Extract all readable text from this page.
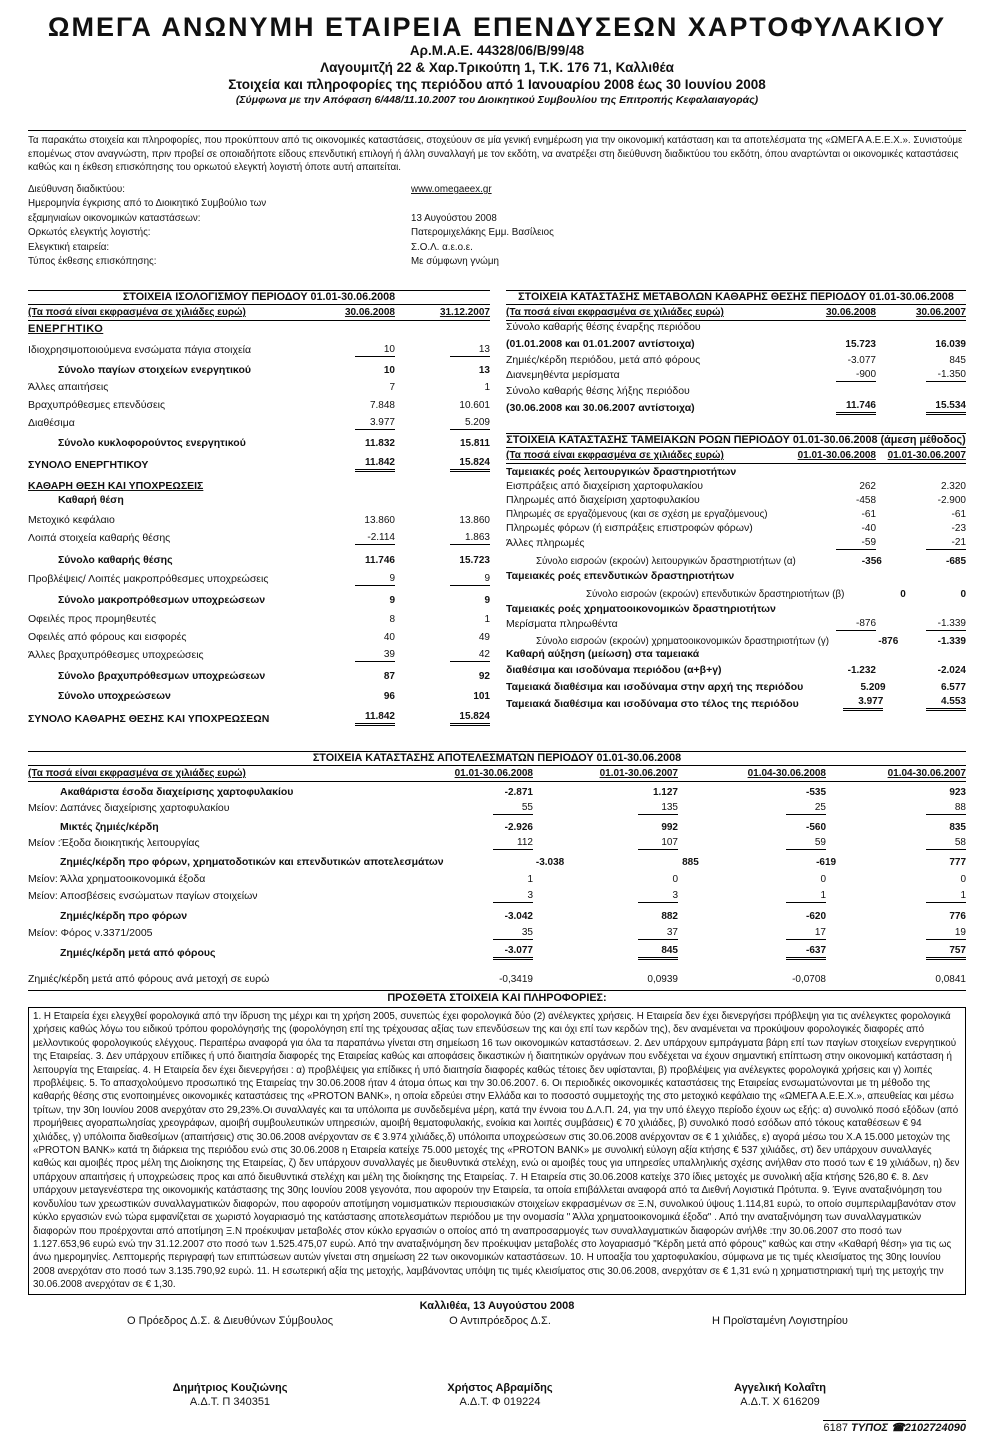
ΩΜΕΓΑ ΑΝΩΝΥΜΗ ΕΤΑΙΡΕΙΑ ΕΠΕΝΔΥΣΕΩΝ ΧΑΡΤΟΦΥΛΑΚΙΟΥ
Αρ.Μ.Α.Ε. 44328/06/B/99/48
Λαγουμιτζή 22 & Χαρ.Τρικούπη 1, Τ.Κ. 176 71, Καλλιθέα
Στοιχεία και πληροφορίες της περιόδου από 1 Ιανουαρίου 2008 έως 30 Ιουνίου 2008
(Σύμφωνα με την Απόφαση 6/448/11.10.2007 του Διοικητικού Συμβουλίου της Επιτροπής Κεφαλαιαγοράς)
Τα παρακάτω στοιχεία και πληροφορίες, που προκύπτουν από τις οικονομικές καταστάσεις, στοχεύουν σε μία γενική ενημέρωση για την οικονομική κατάσταση και τα αποτελέσματα της «ΩΜΕΓΑ Α.Ε.Ε.Χ.». Συνιστούμε επομένως στον αναγνώστη, πριν προβεί σε οποιαδήποτε είδους επενδυτική επιλογή ή άλλη συναλλαγή με τον εκδότη, να ανατρέξει στη διεύθυνση διαδικτύου του εκδότη, όπου αναρτώνται οι οικονομικές καταστάσεις καθώς και η έκθεση επισκόπησης του ορκωτού ελεγκτή λογιστή όποτε αυτή απαιτείται.
Διεύθυνση διαδικτύου:	www.omegaeex.gr
Ημερομηνία έγκρισης από το Διοικητικό Συμβούλιο των
εξαμηνιαίων οικονομικών καταστάσεων:	13 Αυγούστου 2008
Ορκωτός ελεγκτής λογιστής:	Πατερομιχελάκης Εμμ. Βασίλειος
Ελεγκτική εταιρεία:	Σ.Ο.Λ. α.ε.ο.ε.
Τύπος έκθεσης επισκόπησης:	Με σύμφωνη γνώμη
ΣΤΟΙΧΕΙΑ ΙΣΟΛΟΓΙΣΜΟΥ ΠΕΡΙΟΔΟΥ 01.01-30.06.2008
(Τα ποσά είναι εκφρασμένα σε χιλιάδες ευρώ)	30.06.2008	31.12.2007
ΕΝΕΡΓΗΤΙΚΟ
Ιδιοχρησιμοποιούμενα ενσώματα πάγια στοιχεία	10	13
Σύνολο παγίων στοιχείων ενεργητικού	10	13
Άλλες απαιτήσεις	7	1
Βραχυπρόθεσμες επενδύσεις	7.848	10.601
Διαθέσιμα	3.977	5.209
Σύνολο κυκλοφορούντος ενεργητικού	11.832	15.811
ΣΥΝΟΛΟ ΕΝΕΡΓΗΤΙΚΟΥ	11.842	15.824
ΚΑΘΑΡΗ ΘΕΣΗ ΚΑΙ ΥΠΟΧΡΕΩΣΕΙΣ
Καθαρή θέση
Μετοχικό κεφάλαιο	13.860	13.860
Λοιπά στοιχεία καθαρής θέσης	-2.114	1.863
Σύνολο καθαρής θέσης	11.746	15.723
Προβλέψεις/ Λοιπές μακροπρόθεσμες υποχρεώσεις	9	9
Σύνολο μακροπρόθεσμων υποχρεώσεων	9	9
Οφειλές προς προμηθευτές	8	1
Οφειλές από φόρους και εισφορές	40	49
Άλλες βραχυπρόθεσμες υποχρεώσεις	39	42
Σύνολο βραχυπρόθεσμων υποχρεώσεων	87	92
Σύνολο υποχρεώσεων	96	101
ΣΥΝΟΛΟ ΚΑΘΑΡΗΣ ΘΕΣΗΣ ΚΑΙ ΥΠΟΧΡΕΩΣΕΩΝ	11.842	15.824
ΣΤΟΙΧΕΙΑ ΚΑΤΑΣΤΑΣΗΣ ΜΕΤΑΒΟΛΩΝ ΚΑΘΑΡΗΣ ΘΕΣΗΣ ΠΕΡΙΟΔΟΥ 01.01-30.06.2008
(Τα ποσά είναι εκφρασμένα σε χιλιάδες ευρώ)	30.06.2008	30.06.2007
Σύνολο καθαρής θέσης έναρξης περιόδου
(01.01.2008 και 01.01.2007 αντίστοιχα)	15.723	16.039
Ζημιές/κέρδη περιόδου, μετά από φόρους	-3.077	845
Διανεμηθέντα μερίσματα	-900	-1.350
Σύνολο καθαρής θέσης λήξης περιόδου
(30.06.2008 και 30.06.2007 αντίστοιχα)	11.746	15.534
ΣΤΟΙΧΕΙΑ ΚΑΤΑΣΤΑΣΗΣ ΤΑΜΕΙΑΚΩΝ ΡΟΩΝ ΠΕΡΙΟΔΟΥ 01.01-30.06.2008 (άμεση μέθοδος)
(Τα ποσά είναι εκφρασμένα σε χιλιάδες ευρώ)	01.01-30.06.2008	01.01-30.06.2007
Ταμειακές ροές λειτουργικών δραστηριοτήτων
Εισπράξεις από διαχείριση χαρτοφυλακίου	262	2.320
Πληρωμές από διαχείριση χαρτοφυλακίου	-458	-2.900
Πληρωμές σε εργαζόμενους (και σε σχέση με εργαζόμενους)	-61	-61
Πληρωμές φόρων (ή εισπράξεις επιστροφών φόρων)	-40	-23
Άλλες πληρωμές	-59	-21
Σύνολο εισροών (εκροών) λειτουργικών δραστηριοτήτων (α)	-356	-685
Ταμειακές ροές επενδυτικών δραστηριοτήτων
Σύνολο εισροών (εκροών) επενδυτικών δραστηριοτήτων (β)	0	0
Ταμειακές ροές χρηματοοικονομικών δραστηριοτήτων
Μερίσματα πληρωθέντα	-876	-1.339
Σύνολο εισροών (εκροών) χρηματοοικονομικών δραστηριοτήτων (γ)	-876	-1.339
Καθαρή αύξηση (μείωση) στα ταμειακά
διαθέσιμα και ισοδύναμα περιόδου (α+β+γ)	-1.232	-2.024
Ταμειακά διαθέσιμα και ισοδύναμα στην αρχή της περιόδου	5.209	6.577
Ταμειακά διαθέσιμα και ισοδύναμα στο τέλος της περιόδου	3.977	4.553
ΣΤΟΙΧΕΙΑ ΚΑΤΑΣΤΑΣΗΣ ΑΠΟΤΕΛΕΣΜΑΤΩΝ ΠΕΡΙΟΔΟΥ 01.01-30.06.2008
(Τα ποσά είναι εκφρασμένα σε χιλιάδες ευρώ)	01.01-30.06.2008	01.01-30.06.2007	01.04-30.06.2008	01.04-30.06.2007
Ακαθάριστα έσοδα διαχείρισης χαρτοφυλακίου	-2.871	1.127	-535	923
Μείον: Δαπάνες διαχείρισης χαρτοφυλακίου	55	135	25	88
Μικτές ζημιές/κέρδη	-2.926	992	-560	835
Μείον :Έξοδα διοικητικής λειτουργίας	112	107	59	58
Ζημιές/κέρδη προ φόρων, χρηματοδοτικών και επενδυτικών αποτελεσμάτων	-3.038	885	-619	777
Μείον: Άλλα χρηματοοικονομικά έξοδα	1	0	0	0
Μείον: Αποσβέσεις ενσώματων παγίων στοιχείων	3	3	1	1
Ζημιές/κέρδη προ φόρων	-3.042	882	-620	776
Μείον: Φόρος ν.3371/2005	35	37	17	19
Ζημιές/κέρδη μετά από φόρους	-3.077	845	-637	757
Ζημιές/κέρδη μετά από φόρους ανά μετοχή σε ευρώ	-0,3419	0,0939	-0,0708	0,0841
ΠΡΟΣΘΕΤΑ ΣΤΟΙΧΕΙΑ ΚΑΙ ΠΛΗΡΟΦΟΡΙΕΣ:
1. Η Εταιρεία έχει ελεγχθεί φορολογικά από την ίδρυση της μέχρι και τη χρήση 2005, συνεπώς έχει φορολογικά δύο (2) ανέλεγκτες χρήσεις. Η Εταιρεία δεν έχει διενεργήσει πρόβλεψη για τις ανέλεγκτες φορολογικά χρήσεις καθώς λόγω του ειδικού τρόπου φορολόγησής της (φορολόγηση επί της τρέχουσας αξίας των επενδύσεων της και όχι επί των κερδών της), δεν αναμένεται να προκύψουν φορολογικές διαφορές από μελλοντικούς φορολογικούς ελέγχους. Περαιτέρω αναφορά για όλα τα παραπάνω γίνεται στη σημείωση 16 των οικονομικών καταστάσεων. 2. Δεν υπάρχουν εμπράγματα βάρη επί των παγίων στοιχείων ενεργητικού της Εταιρείας. 3. Δεν υπάρχουν επίδικες ή υπό διαιτησία διαφορές της Εταιρείας καθώς και αποφάσεις δικαστικών ή διαιτητικών οργάνων που ενδέχεται να έχουν σημαντική επίπτωση στην οικονομική κατάσταση ή λειτουργία της Εταιρείας. 4. Η Εταιρεία δεν έχει διενεργήσει : α) προβλέψεις για επίδικες ή υπό διαιτησία διαφορές καθώς τέτοιες δεν υφίστανται, β) προβλέψεις για ανέλεγκτες φορολογικά χρήσεις και γ) λοιπές προβλέψεις. 5. Το απασχολούμενο προσωπικό της Εταιρείας την 30.06.2008 ήταν 4 άτομα όπως και την 30.06.2007. 6. Οι περιοδικές οικονομικές καταστάσεις της Εταιρείας ενσωματώνονται με τη μέθοδο της καθαρής θέσης στις ενοποιημένες οικονομικές καταστάσεις της «PROTON BANK», η οποία εδρεύει στην Ελλάδα και το ποσοστό συμμετοχής της στο μετοχικό κεφάλαιο της «ΩΜΕΓΑ Α.Ε.Ε.Χ.», απευθείας και μέσω τρίτων, την 30η Ιουνίου 2008 ανερχόταν στο 29,23%.Οι συναλλαγές και τα υπόλοιπα με συνδεδεμένα μέρη, κατά την έννοια του Δ.Λ.Π. 24, για την υπό έλεγχο περίοδο έχουν ως εξής: α) συνολικό ποσό εξόδων (από προμήθειες αγοραπωλησίας χρεογράφων, αμοιβή συμβουλευτικών υπηρεσιών, αμοιβή θεματοφυλακής, ενοίκια και λοιπές συμβάσεις) € 70 χιλιάδες, β) συνολικό ποσό εσόδων από τόκους καταθέσεων € 94 χιλιάδες, γ) υπόλοιπα διαθεσίμων (απαιτήσεις) στις 30.06.2008 ανέρχονταν σε € 3.974 χιλιάδες,δ) υπόλοιπα υποχρεώσεων στις 30.06.2008 ανέρχονταν σε € 1 χιλιάδες, ε) αγορά μέσω του Χ.Α 15.000 μετοχών της «PROTON BANK» κατά τη διάρκεια της περιόδου ενώ στις 30.06.2008 η Εταιρεία κατείχε 75.000 μετοχές της «PROTON BANK» με συνολική εύλογη αξία κτήσης € 537 χιλιάδες, στ) δεν υπάρχουν συναλλαγές καθώς και αμοιβές προς μέλη της Διοίκησης της Εταιρείας, ζ) δεν υπάρχουν συναλλαγές με διευθυντικά στελέχη, ενώ οι αμοιβές τους για υπηρεσίες υπαλληλικής σχέσης ανήλθαν στο ποσό των € 19 χιλιάδων, η) δεν υπάρχουν απαιτήσεις ή υποχρεώσεις προς και από διευθυντικά στελέχη και μέλη της διοίκησης της Εταιρείας. 7. Η Εταιρεία στις 30.06.2008 κατείχε 370 ίδιες μετοχές με συνολική αξία κτήσης 526,80 €. 8. Δεν υπάρχουν μεταγενέστερα της οικονομικής κατάστασης της 30ης Ιουνίου 2008 γεγονότα, που αφορούν την Εταιρεία, τα οποία επιβάλλεται αναφορά από τα Διεθνή Λογιστικά Πρότυπα. 9. Έγινε αναταξινόμηση του κονδυλίου των χρεωστικών συναλλαγματικών διαφορών, που αφορούν αποτίμηση νομισματικών περιουσιακών στοιχείων εκφρασμένων σε Ξ.Ν, συνολικού ύψους 1.114,81 ευρώ, το οποίο συμπεριλαμβανόταν στον κύκλο εργασιών ενώ τώρα εμφανίζεται σε χωριστό λογαριασμό της κατάστασης αποτελεσμάτων περιόδου με την ονομασία " Άλλα χρηματοοικονομικά έξοδα" . Από την αναταξινόμηση των συναλλαγματικών διαφορών που προέρχονται από αποτίμηση Ξ.Ν προέκυψαν μεταβολές στον κύκλο εργασιών ο οποίος από τη αναπροσαρμογές των συναλλαγματικών διαφορών ανήλθε :την 30.06.2007 στο ποσό των 1.127.653,96 ευρώ ενώ την 31.12.2007 στο ποσό των 1.525.475,07 ευρώ. Από την αναταξινόμηση δεν προέκυψαν μεταβολές στο λογαριασμό "Κέρδη μετά από φόρους" καθώς και στην «Καθαρή θέση» για τις ως άνω ημερομηνίες. Λεπτομερής περιγραφή των επιπτώσεων αυτών γίνεται στη σημείωση 22 των οικονομικών καταστάσεων. 10. Η υποαξία του χαρτοφυλακίου, σύμφωνα με τις τιμές κλεισίματος της 30ης Ιουνίου 2008 ανερχόταν στο ποσό των 3.135.790,92 ευρώ. 11. Η εσωτερική αξία της μετοχής, λαμβάνοντας υπόψη τις τιμές κλεισίματος στις 30.06.2008, ανερχόταν σε € 1,31 ενώ η χρηματιστηριακή τιμή της μετοχής την 30.06.2008 ανερχόταν σε € 1,30.
Καλλιθέα, 13 Αυγούστου 2008
Ο Πρόεδρος Δ.Σ. & Διευθύνων Σύμβουλος	Ο Αντιπρόεδρος Δ.Σ.	Η Προϊσταμένη Λογιστηρίου
Δημήτριος Κουζιώνης
Α.Δ.Τ. Π 340351
Χρήστος Αβραμίδης
Α.Δ.Τ. Φ 019224
Αγγελική Κολαΐτη
Α.Δ.Τ. Χ 616209
6187 ΤΥΠΟΣ ☎2102724090
